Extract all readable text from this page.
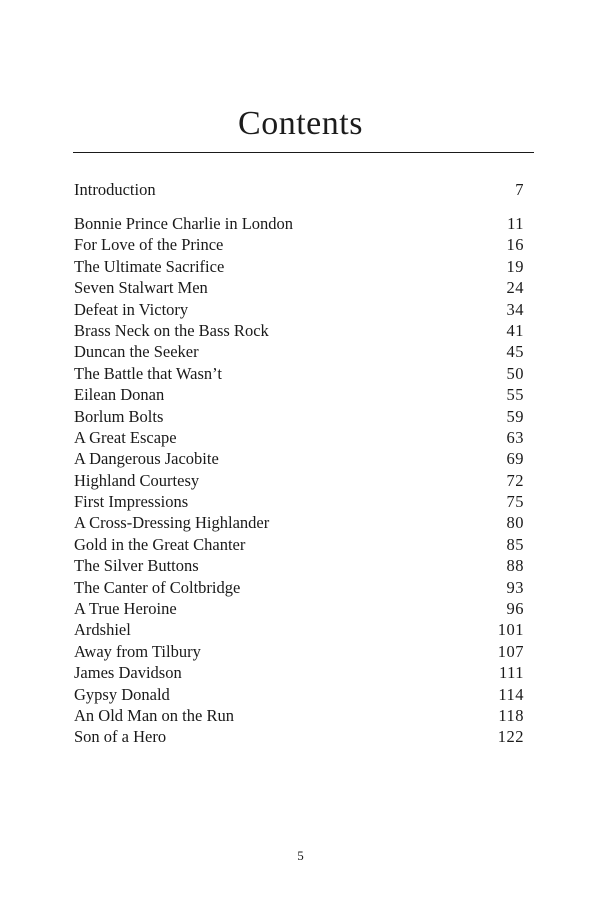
Contents
Introduction	7
Bonnie Prince Charlie in London	11
For Love of the Prince	16
The Ultimate Sacrifice	19
Seven Stalwart Men	24
Defeat in Victory	34
Brass Neck on the Bass Rock	41
Duncan the Seeker	45
The Battle that Wasn’t	50
Eilean Donan	55
Borlum Bolts	59
A Great Escape	63
A Dangerous Jacobite	69
Highland Courtesy	72
First Impressions	75
A Cross-Dressing Highlander	80
Gold in the Great Chanter	85
The Silver Buttons	88
The Canter of Coltbridge	93
A True Heroine	96
Ardshiel	101
Away from Tilbury	107
James Davidson	111
Gypsy Donald	114
An Old Man on the Run	118
Son of a Hero	122
5
